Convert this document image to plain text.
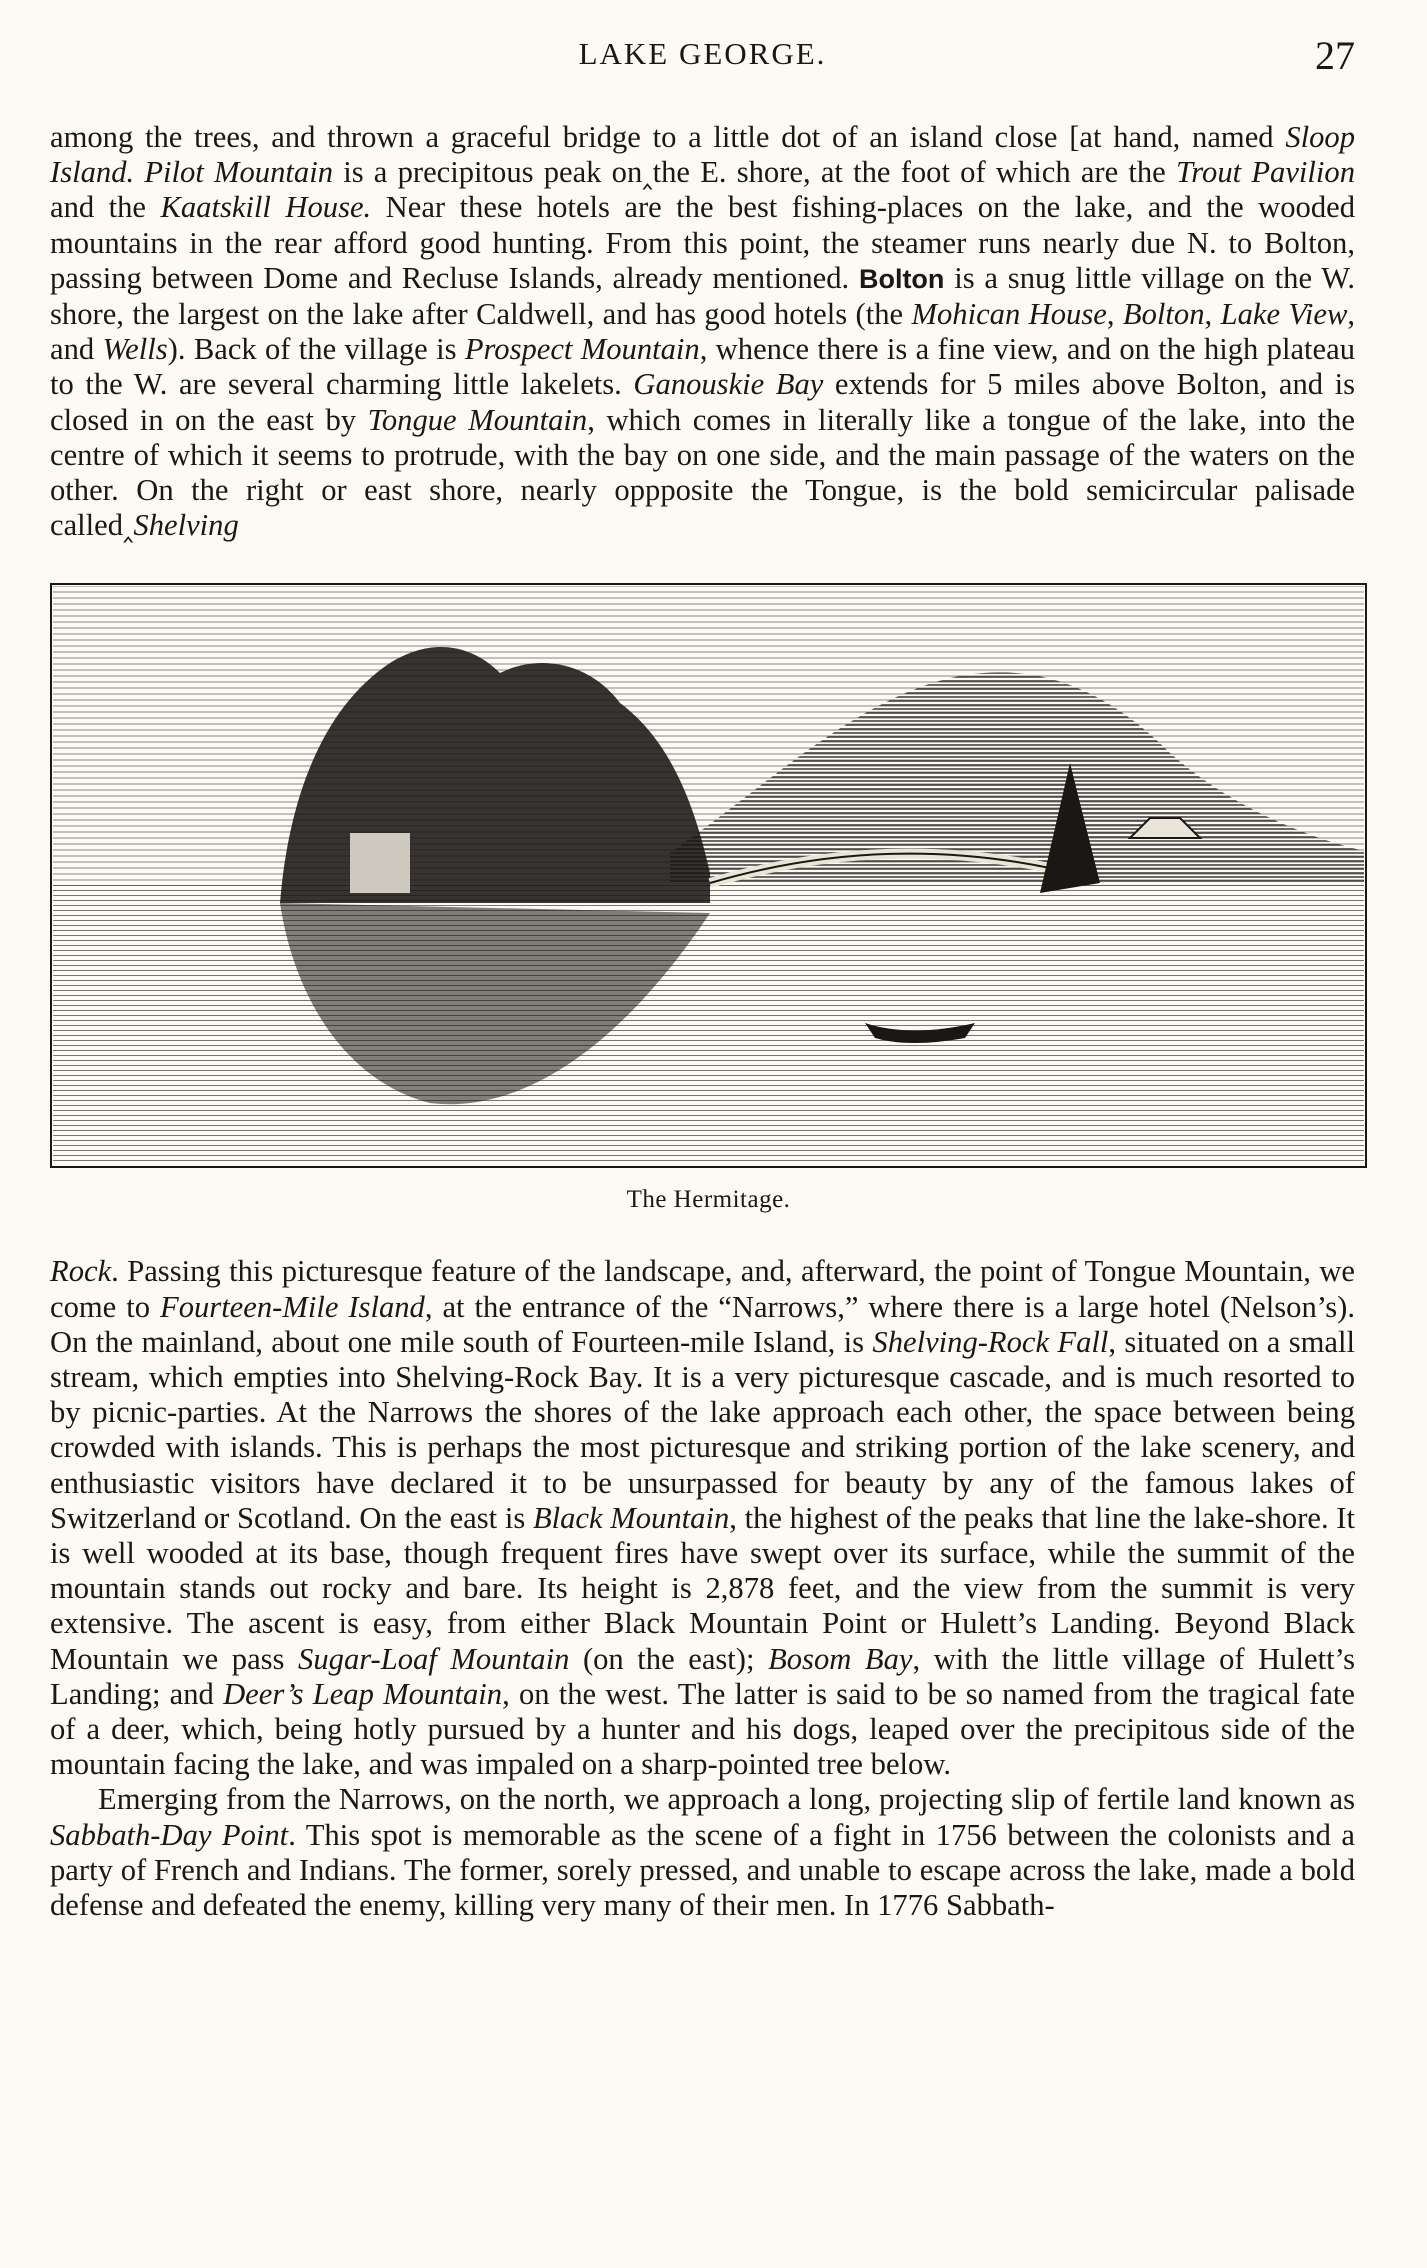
LAKE GEORGE.	27

among the trees, and thrown a graceful bridge to a little dot of an island close [at hand, named Sloop Island. Pilot Mountain is a precipitous peak on‸the E. shore, at the foot of which are the Trout Pavilion and the Kaatskill House. Near these hotels are the best fishing-places on the lake, and the wooded mountains in the rear afford good hunting. From this point, the steamer runs nearly due N. to Bolton, passing between Dome and Recluse Islands, already mentioned. Bolton is a snug little village on the W. shore, the largest on the lake after Caldwell, and has good hotels (the Mohican House, Bolton, Lake View, and Wells). Back of the village is Prospect Mountain, whence there is a fine view, and on the high plateau to the W. are several charming little lakelets. Ganouskie Bay extends for 5 miles above Bolton, and is closed in on the east by Tongue Mountain, which comes in literally like a tongue of the lake, into the centre of which it seems to protrude, with the bay on one side, and the main passage of the waters on the other. On the right or east shore, nearly oppposite the Tongue, is the bold semicircular palisade called‸Shelving

The Hermitage.

Rock. Passing this picturesque feature of the landscape, and, afterward, the point of Tongue Mountain, we come to Fourteen-Mile Island, at the entrance of the “Narrows,” where there is a large hotel (Nelson’s). On the mainland, about one mile south of Fourteen-mile Island, is Shelving-Rock Fall, situated on a small stream, which empties into Shelving-Rock Bay. It is a very picturesque cascade, and is much resorted to by picnic-parties. At the Narrows the shores of the lake approach each other, the space between being crowded with islands. This is perhaps the most picturesque and striking portion of the lake scenery, and enthusiastic visitors have declared it to be unsurpassed for beauty by any of the famous lakes of Switzerland or Scotland. On the east is Black Mountain, the highest of the peaks that line the lake-shore. It is well wooded at its base, though frequent fires have swept over its surface, while the summit of the mountain stands out rocky and bare. Its height is 2,878 feet, and the view from the summit is very extensive. The ascent is easy, from either Black Mountain Point or Hulett’s Landing. Beyond Black Mountain we pass Sugar-Loaf Mountain (on the east); Bosom Bay, with the little village of Hulett’s Landing; and Deer’s Leap Mountain, on the west. The latter is said to be so named from the tragical fate of a deer, which, being hotly pursued by a hunter and his dogs, leaped over the precipitous side of the mountain facing the lake, and was impaled on a sharp-pointed tree below.

Emerging from the Narrows, on the north, we approach a long, projecting slip of fertile land known as Sabbath-Day Point. This spot is memorable as the scene of a fight in 1756 between the colonists and a party of French and Indians. The former, sorely pressed, and unable to escape across the lake, made a bold defense and defeated the enemy, killing very many of their men. In 1776 Sabbath-
